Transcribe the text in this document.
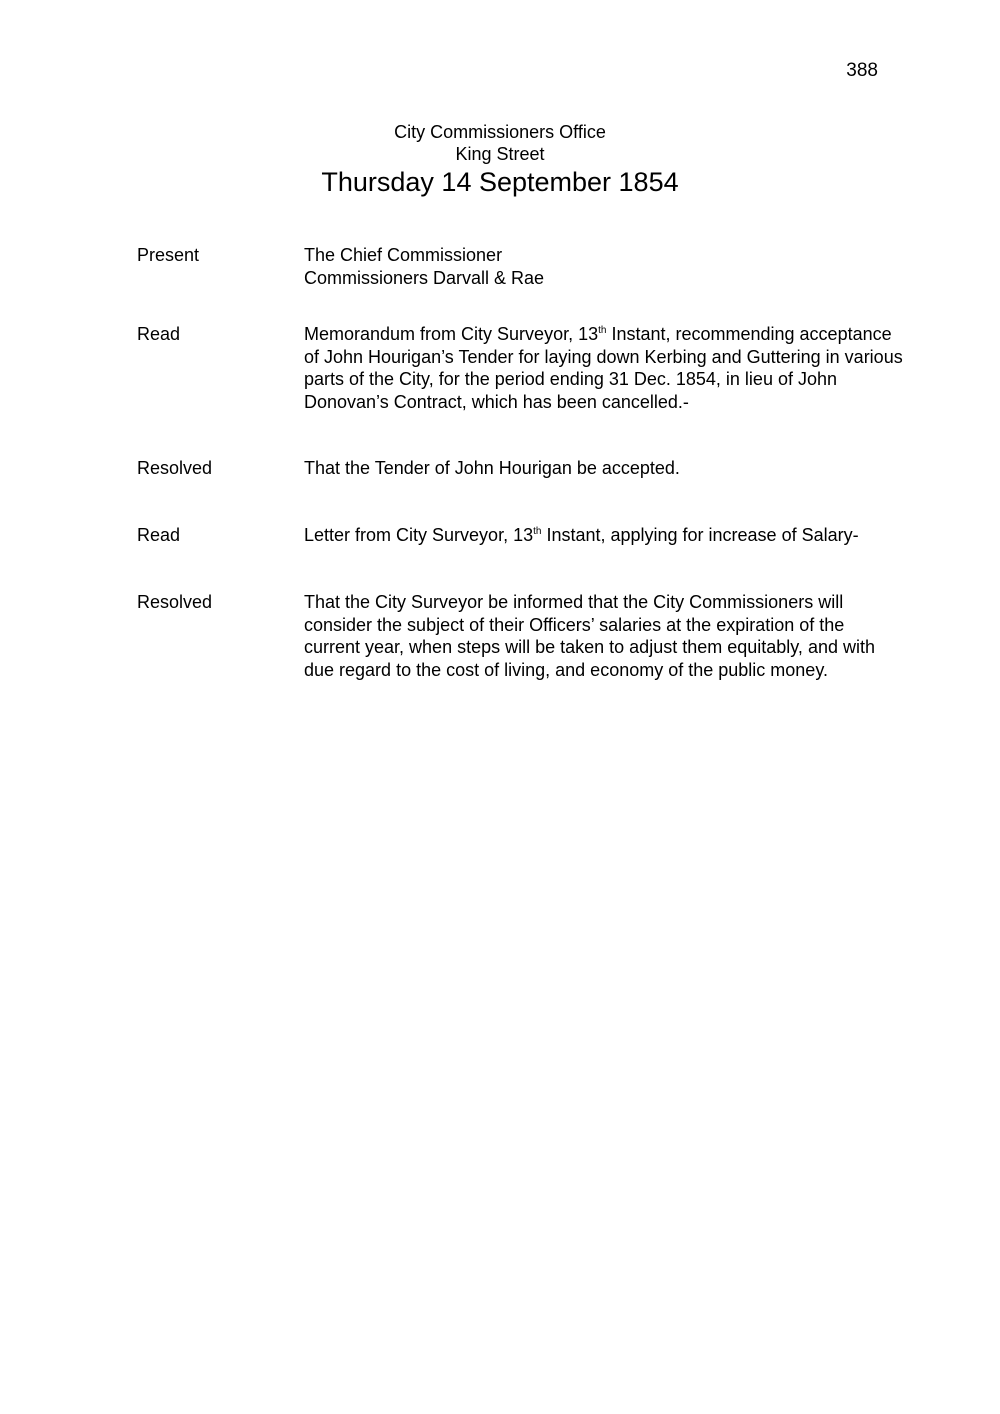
388
City Commissioners Office
King Street
Thursday 14 September 1854
Present	The Chief Commissioner
Commissioners Darvall & Rae
Read	Memorandum from City Surveyor, 13th Instant, recommending acceptance
of John Hourigan’s Tender for laying down Kerbing and Guttering in various
parts of the City, for the period ending 31 Dec. 1854, in lieu of John
Donovan’s Contract, which has been cancelled.-
Resolved	That the Tender of John Hourigan be accepted.
Read	Letter from City Surveyor, 13th Instant, applying for increase of Salary-
Resolved	That the City Surveyor be informed that the City Commissioners will
consider the subject of their Officers’ salaries at the expiration of the
current year, when steps will be taken to adjust them equitably, and with
due regard to the cost of living, and economy of the public money.
